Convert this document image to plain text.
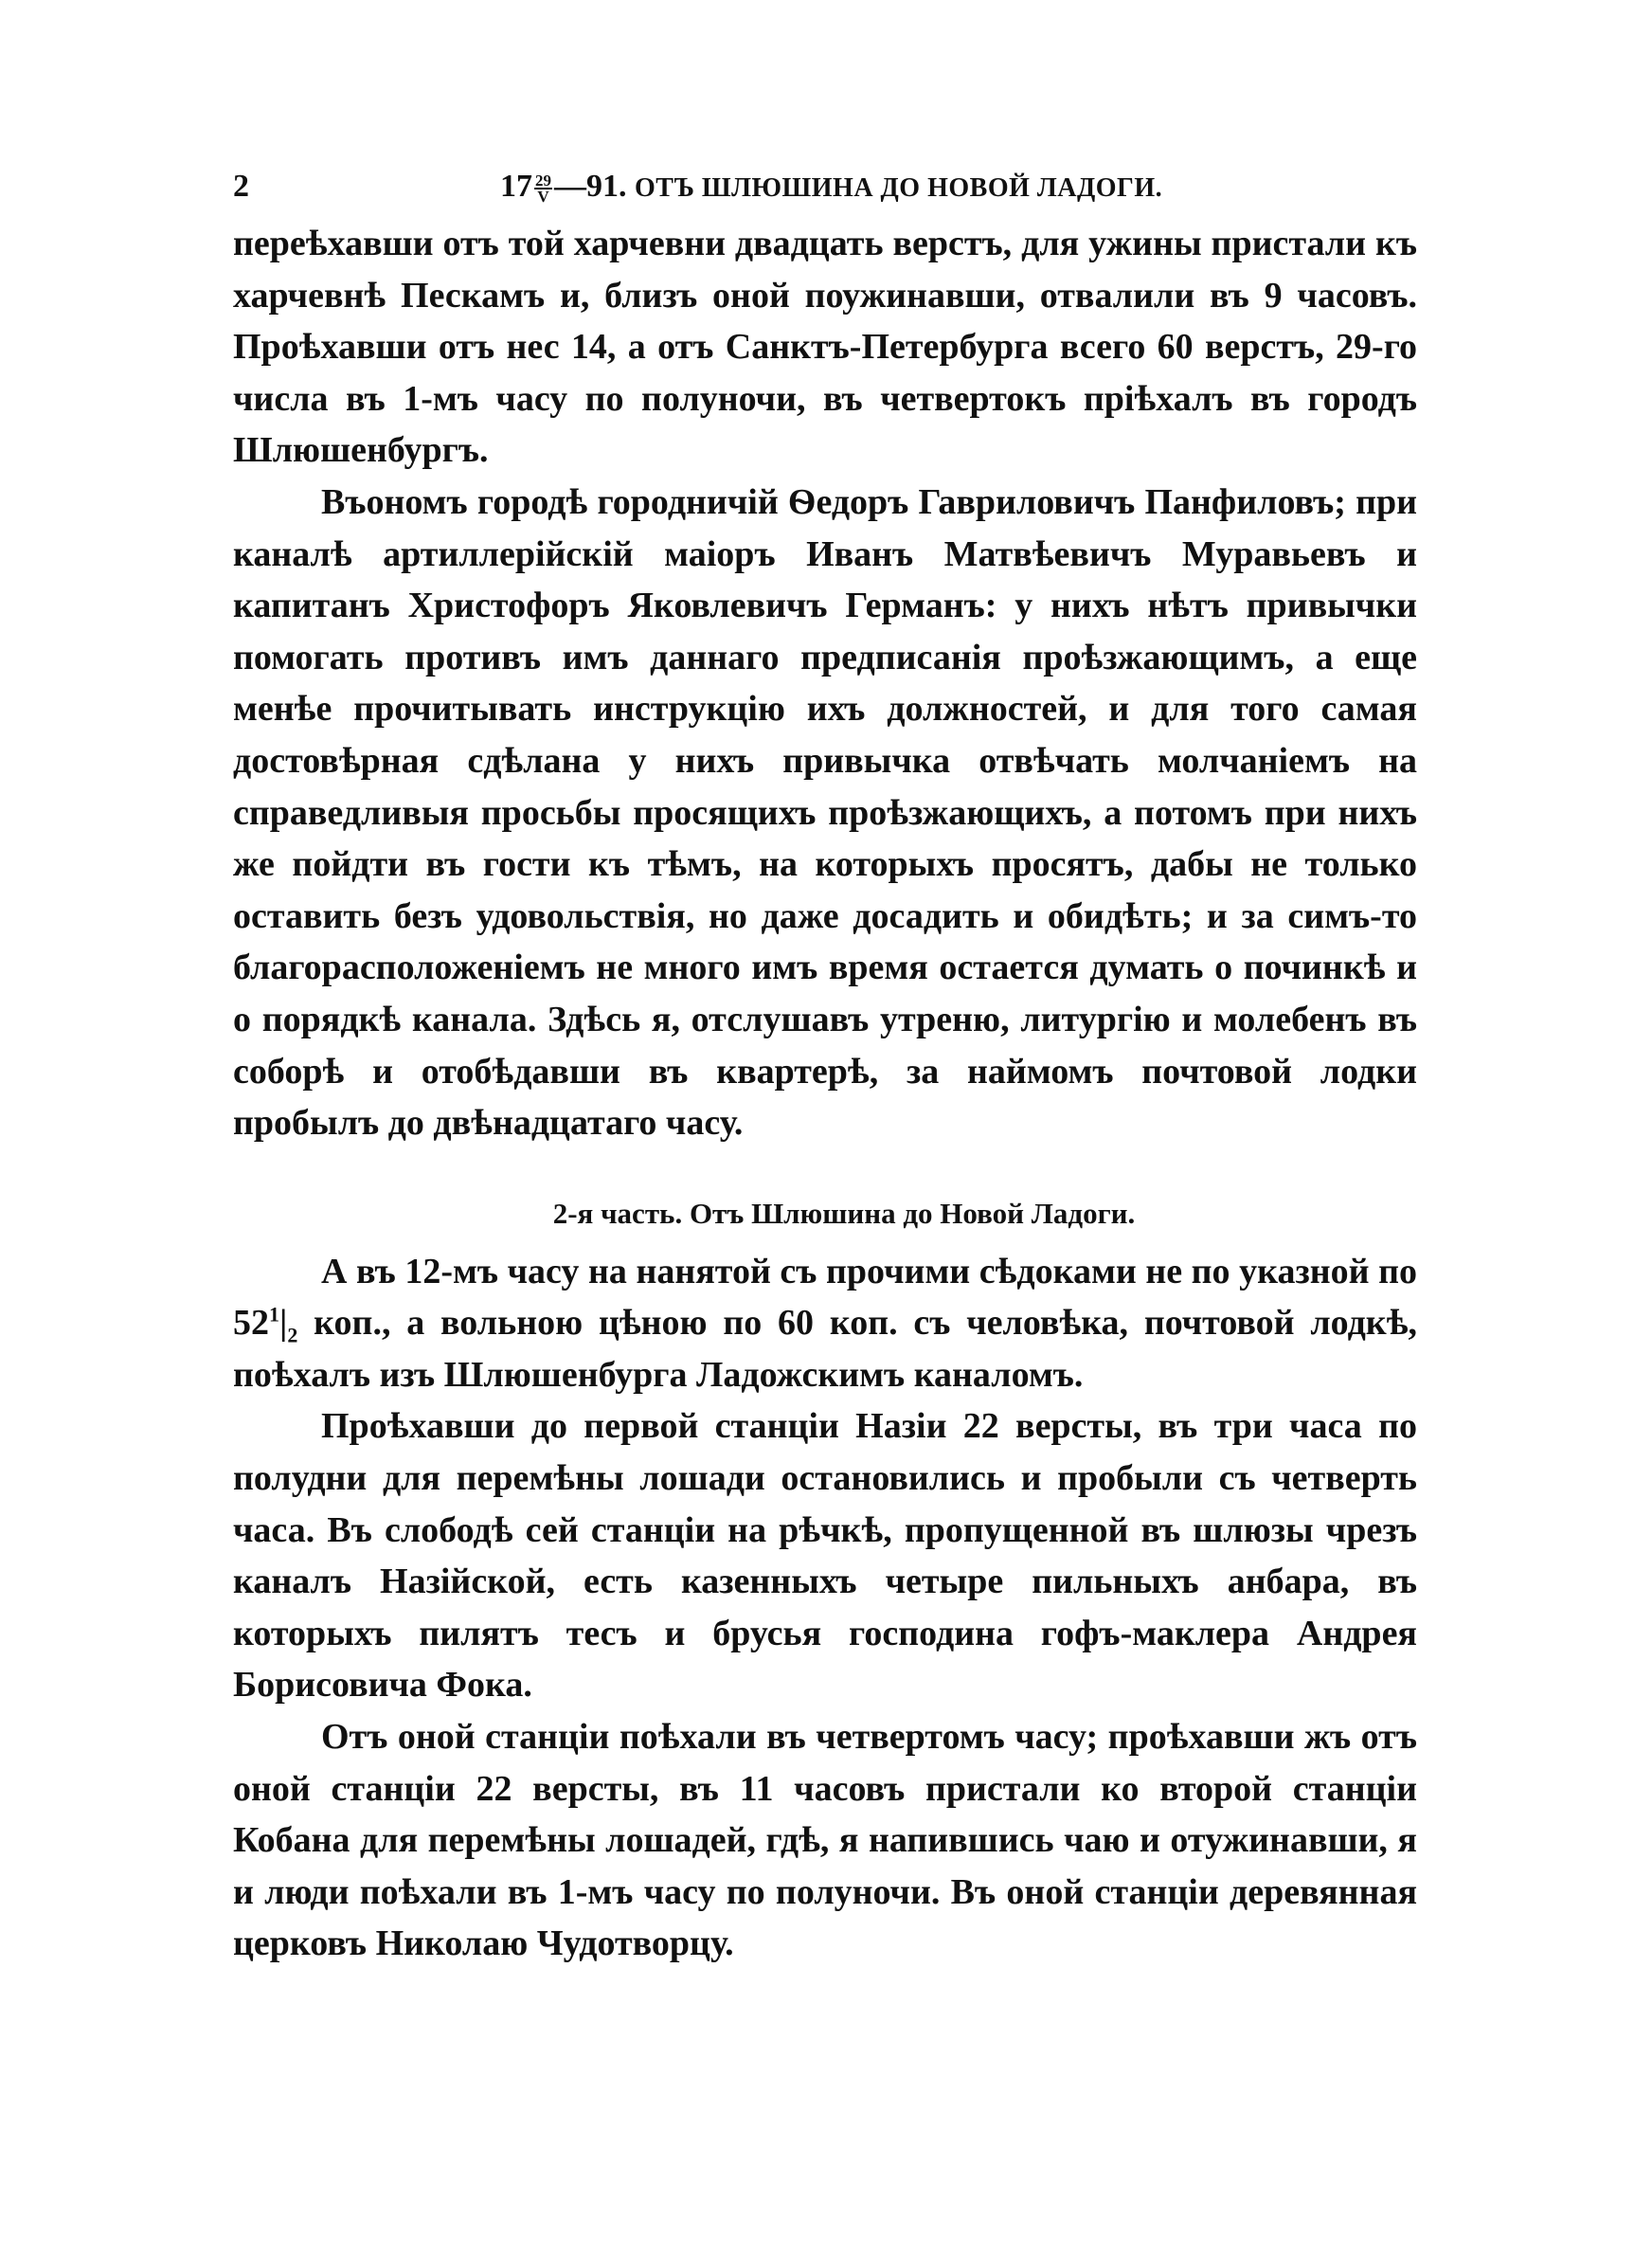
2	$17 \frac{29}{V}$ —91. ОТЪ ШЛЮШИНА ДО НОВОЙ ЛАДОГИ.

переѣхавши отъ той харчевни двадцать верстъ, для ужины пристали къ харчевнѣ Пескамъ и, близъ оной поужинавши, отвалили въ 9 часовъ. Проѣхавши отъ нес 14, а отъ Санктъ-Петербурга всего 60 верстъ, 29-го числа въ 1-мъ часу по полуночи, въ четвертокъ пріѣхалъ въ городъ Шлюшенбургъ.

Въономъ городѣ городничій Ѳедоръ Гавриловичъ Панфиловъ; при каналѣ артиллерійскій маіоръ Иванъ Матвѣевичъ Муравьевъ и капитанъ Христофоръ Яковлевичъ Германъ: у нихъ нѣтъ привычки помогать противъ имъ даннаго предписанія проѣзжающимъ, а еще менѣе прочитывать инструкцію ихъ должностей, и для того самая достовѣрная сдѣлана у нихъ привычка отвѣчать молчаніемъ на справедливыя просьбы просящихъ проѣзжающихъ, а потомъ при нихъ же пойдти въ гости къ тѣмъ, на которыхъ просятъ, дабы не только оставить безъ удовольствія, но даже досадить и обидѣть; и за симъ-то благорасположеніемъ не много имъ время остается думать о починкѣ и о порядкѣ канала. Здѣсь я, отслушавъ утреню, литургію и молебенъ въ соборѣ и отобѣдавши въ квартерѣ, за наймомъ почтовой лодки пробылъ до двѣнадцатаго часу.

2-я часть. Отъ Шлюшина до Новой Ладоги.

А въ 12-мъ часу на нанятой съ прочими сѣдоками не по указной по $52^1|_2$ коп., а вольною цѣною по 60 коп. съ человѣка, почтовой лодкѣ, поѣхалъ изъ Шлюшенбурга Ладожскимъ каналомъ.

Проѣхавши до первой станціи Назіи 22 версты, въ три часа по полудни для перемѣны лошади остановились и пробыли съ четверть часа. Въ слободѣ сей станціи на рѣчкѣ, пропущенной въ шлюзы чрезъ каналъ Назійской, есть казенныхъ четыре пильныхъ анбара, въ которыхъ пилятъ тесъ и брусья господина гофъ-маклера Андрея Борисовича Фока.

Отъ оной станціи поѣхали въ четвертомъ часу; проѣхавши жъ отъ оной станціи 22 версты, въ 11 часовъ пристали ко второй станціи Кобана для перемѣны лошадей, гдѣ, я напившись чаю и отужинавши, я и люди поѣхали въ 1-мъ часу по полуночи. Въ оной станціи деревянная церковъ Николаю Чудотворцу.
